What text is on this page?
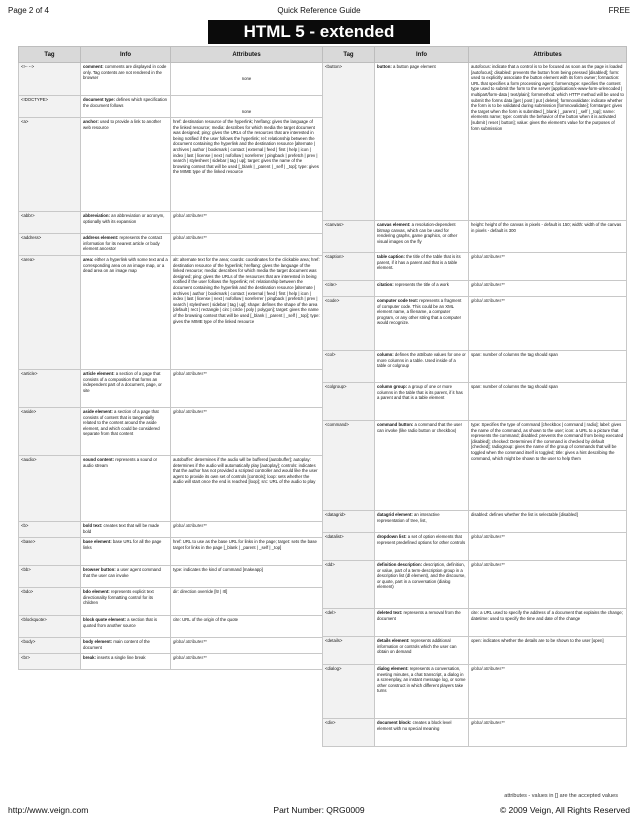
Page 2 of 4	Quick Reference Guide	FREE
HTML 5 - extended
Tag	Info	Attributes
<!-- -->	comment: comments are displayed in code only. Tag contents are not rendered in the browser	none

<!DOCTYPE>	document type: defines which specification the document follows	none

<a>	anchor: used to provide a link to another web resource	href: destination resource of the hyperlink; hreflang: gives the language of the linked resource; media: describes for which media the target document was designed; ping: gives the URLs of the resources that are interested in being notified if the user follows the hyperlink; rel: relationship between the document containing the hyperlink and the destination resource [alternate | archives | author | bookmark | contact | external | feed | first | help | icon | index | last | license | next | nofollow | noreferrer | pingback | prefetch | prev | search | stylesheet | sidebar | tag | up]; target: gives the name of the browsing context that will be used [_blank | _parent | _self | _top]; type: gives the MIME type of the linked resource
<abbr>	abbreviation: an abbreviation or acronym, optionally with its expansion	global attributes**
<address>	address element: represents the contact information for its nearest article or body element ancestor	global attributes**
<area>	area: either a hyperlink with some text and a corresponding area on an image map, or a dead area on an image map	alt: alternate text for the area; coords: coordinates for the clickable area; href: destination resource of the hyperlink; hreflang: gives the language of the linked resource; media: describes for which media the target document was designed; ping: gives the URLs of the resources that are interested in being notified if the user follows the hyperlink; rel: relationship between the document containing the hyperlink and the destination resource [alternate | archives | author | bookmark | contact | external | feed | first | help | icon | index | last | license | next | nofollow | noreferrer | pingback | prefetch | prev | search | stylesheet | sidebar | tag | up]; shape: defines the shape of the area [default | rect | rectangle | circ | circle | poly | polygon]; target: gives the name of the browsing context that will be used [_blank | _parent | _self | _top]; type: gives the MIME type of the linked resource
<article>	article element: a section of a page that consists of a composition that forms an independent part of a document, page, or site	global attributes**
<aside>	aside element: a section of a page that consists of content that is tangentially related to the content around the aside element, and which could be considered separate from that content	global attributes**
<audio>	sound content: represents a sound or audio stream	autobuffer: determines if the audio will be buffered [autobuffer]; autoplay: determines if the audio will automatically play [autoplay]; controls: indicates that the author has not provided a scripted controller and would like the user agent to provide its own set of controls [controls]; loop: sets whether the audio will start once the end is reached [loop]; src: URL of the audio to play
<b>	bold text: creates text that will be made bold	global attributes**
<base>	base element: base URL for all the page links	href: URL to use as the base URL for links in the page; target: sets the base target for links in the page [_blank | _parent | _self | _top]
<bb>	browser button: a user agent command that the user can invoke	type: indicates the kind of command [makeapp]
<bdo>	bdo element: represents explicit text directionality formatting control for its children	dir: direction override [ltr | rtl]
<blockquote>	block quote element: a section that is quoted from another source	cite: URL of the origin of the quote
<body>	body element: main content of the document	global attributes**
<br>	break: inserts a single line break	global attributes**
Tag	Info	Attributes
<button>	button: a button page element	autofocus: indicate that a control is to be focused as soon as the page is loaded [autofocus]; disabled: prevents the button from being pressed [disabled]; form: used to explicitly associate the button element with its form owner; formaction: URL that specifies a form processing agent; formenctype: specifies the content type used to submit the form to the server [application/x-www-form-urlencoded | multipart/form-data | text/plain]; formmethod: which HTTP method will be used to submit the forms data [get | post | put | delete]; formnovalidate: indicate whether the form is to be validated during submission [formnovalidate]; formtarget: gives the target when the form is submitted [_blank | _parent | _self | _top]; name: elements name; type: controls the behavior of the button when it is activated [submit | reset | button]; value: gives the element's value for the purposes of form submission
<canvas>	canvas element: a resolution-dependent bitmap canvas, which can be used for rendering graphs, game graphics, or other visual images on the fly	height: height of the canvas in pixels - default is 150; width: width of the canvas in pixels - default is 300
<caption>	table caption: the title of the table that is its parent, if it has a parent and that is a table element.	global attributes**
<cite>	citation: represents the title of a work	global attributes**
<code>	computer code text: represents a fragment of computer code. This could be an XML element name, a filename, a computer program, or any other string that a computer would recognize.	global attributes**
<col>	column: defines the attribute values for one or more columns in a table. Used inside of a table or colgroup	span: number of columns the tag should span
<colgroup>	column group: a group of one or more columns in the table that is its parent, if it has a parent and that is a table element	span: number of columns the tag should span
<command>	command button: a command that the user can invoke (like radio button or checkbox)	type: Specifies the type of command [checkbox | command | radio]; label: gives the name of the command, as shown to the user; icon: a URL to a picture that represents the command; disabled: prevents the command from being executed [disabled]; checked: Determines if the command is checked by default [checked]; radiogroup: gives the name of the group of commands that will be toggled when the command itself is toggled; title: gives a hint describing the command, which might be shown to the user to help them
<datagrid>	datagrid element: an interactive representation of tree, list,	disabled: defines whether the list is selectable [disabled]
<datalist>	dropdown list: a set of option elements that represent predefined options for other controls	global attributes**
<dd>	definition description: description, definition, or value, part of a term-description group in a description list (dl element), and the discourse, or quote, part in a conversation (dialog element)	global attributes**
<del>	deleted text: represents a removal from the document	cite: a URL used to specify the address of a document that explains the change; datetime: used to specify the time and date of the change
<details>	details element: represents additional information or controls which the user can obtain on demand	open: indicates whether the details are to be shown to the user [open]
<dialog>	dialog element: represents a conversation, meeting minutes, a chat transcript, a dialog in a screenplay, an instant message log, or some other construct in which different players take turns	global attributes**
<div>	document block: creates a block level element with no special meaning	global attributes**
attributes - values in [] are the accepted values
http://www.veign.com	Part Number: QRG0009	© 2009 Veign, All Rights Reserved
